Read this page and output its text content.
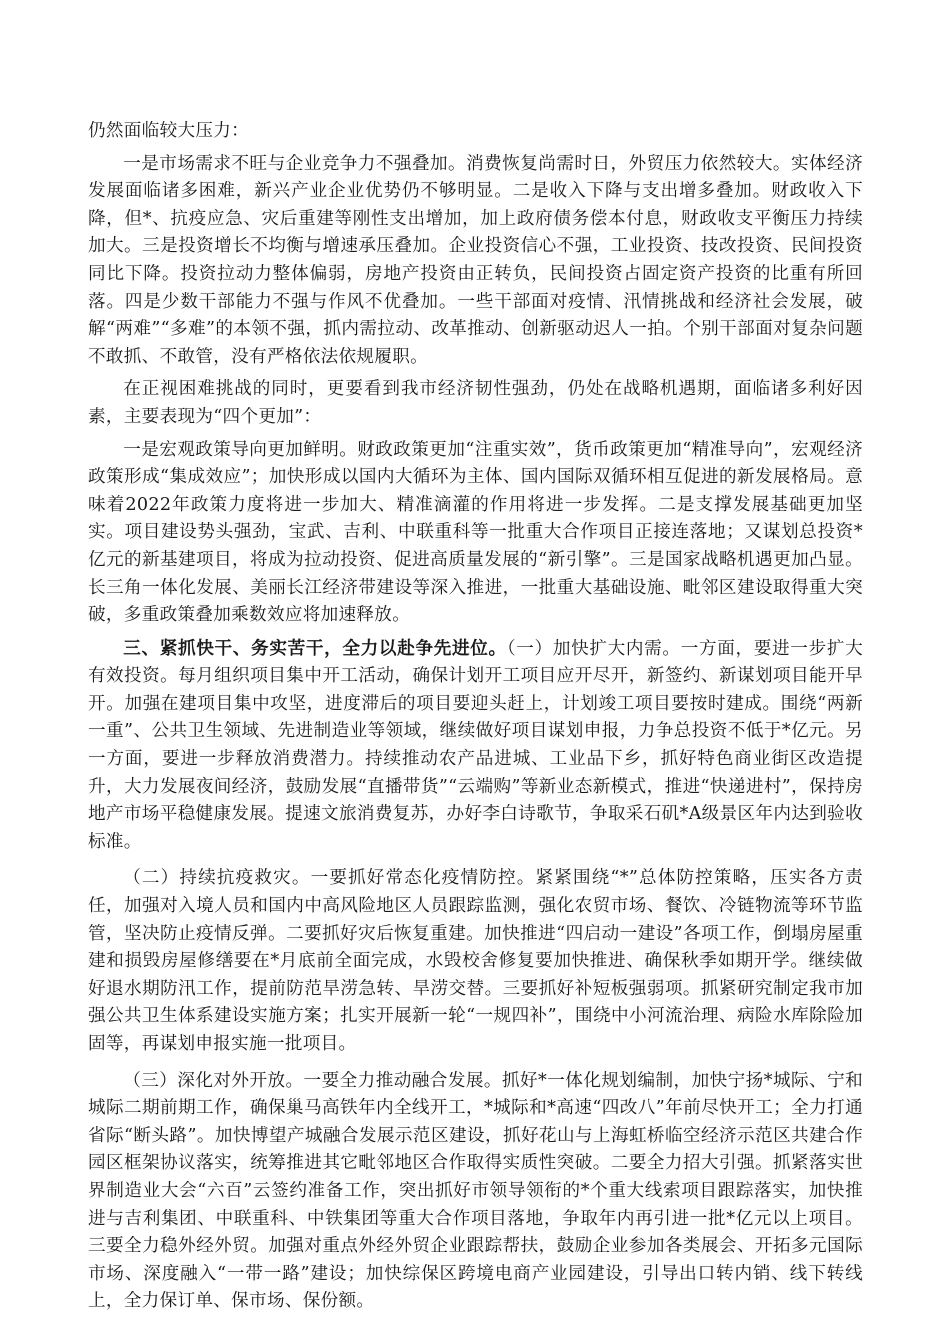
仍然面临较大压力：

一是市场需求不旺与企业竞争力不强叠加。消费恢复尚需时日，外贸压力依然较大。实体经济发展面临诸多困难，新兴产业企业优势仍不够明显。二是收入下降与支出增多叠加。财政收入下降，但*、抗疫应急、灾后重建等刚性支出增加，加上政府债务偿本付息，财政收支平衡压力持续加大。三是投资增长不均衡与增速承压叠加。企业投资信心不强，工业投资、技改投资、民间投资同比下降。投资拉动力整体偏弱，房地产投资由正转负，民间投资占固定资产投资的比重有所回落。四是少数干部能力不强与作风不优叠加。一些干部面对疫情、汛情挑战和经济社会发展，破解“两难”“多难”的本领不强，抓内需拉动、改革推动、创新驱动迟人一拍。个别干部面对复杂问题不敢抓、不敢管，没有严格依法依规履职。

在正视困难挑战的同时，更要看到我市经济韧性强劲，仍处在战略机遇期，面临诸多利好因素，主要表现为“四个更加”：

一是宏观政策导向更加鲜明。财政政策更加“注重实效”，货币政策更加“精准导向”，宏观经济政策形成“集成效应”；加快形成以国内大循环为主体、国内国际双循环相互促进的新发展格局。意味着2022年政策力度将进一步加大、精准滴灌的作用将进一步发挥。二是支撑发展基础更加坚实。项目建设势头强劲，宝武、吉利、中联重科等一批重大合作项目正接连落地；又谋划总投资*亿元的新基建项目，将成为拉动投资、促进高质量发展的“新引擎”。三是国家战略机遇更加凸显。长三角一体化发展、美丽长江经济带建设等深入推进，一批重大基础设施、毗邻区建设取得重大突破，多重政策叠加乘数效应将加速释放。

三、紧抓快干、务实苦干，全力以赴争先进位。（一）加快扩大内需。一方面，要进一步扩大有效投资。每月组织项目集中开工活动，确保计划开工项目应开尽开，新签约、新谋划项目能开早开。加强在建项目集中攻坚，进度滞后的项目要迎头赶上，计划竣工项目要按时建成。围绕“两新一重”、公共卫生领域、先进制造业等领域，继续做好项目谋划申报，力争总投资不低于*亿元。另一方面，要进一步释放消费潜力。持续推动农产品进城、工业品下乡，抓好特色商业街区改造提升，大力发展夜间经济，鼓励发展“直播带货”“云端购”等新业态新模式，推进“快递进村”，保持房地产市场平稳健康发展。提速文旅消费复苏，办好李白诗歌节，争取采石矶*A级景区年内达到验收标准。

（二）持续抗疫救灾。一要抓好常态化疫情防控。紧紧围绕“*”总体防控策略，压实各方责任，加强对入境人员和国内中高风险地区人员跟踪监测，强化农贸市场、餐饮、冷链物流等环节监管，坚决防止疫情反弹。二要抓好灾后恢复重建。加快推进“四启动一建设”各项工作，倒塌房屋重建和损毁房屋修缮要在*月底前全面完成，水毁校舍修复要加快推进、确保秋季如期开学。继续做好退水期防汛工作，提前防范旱涝急转、旱涝交替。三要抓好补短板强弱项。抓紧研究制定我市加强公共卫生体系建设实施方案；扎实开展新一轮“一规四补”，围绕中小河流治理、病险水库除险加固等，再谋划申报实施一批项目。

（三）深化对外开放。一要全力推动融合发展。抓好*一体化规划编制，加快宁扬*城际、宁和城际二期前期工作，确保巢马高铁年内全线开工，*城际和*高速“四改八”年前尽快开工；全力打通省际“断头路”。加快博望产城融合发展示范区建设，抓好花山与上海虹桥临空经济示范区共建合作园区框架协议落实，统筹推进其它毗邻地区合作取得实质性突破。二要全力招大引强。抓紧落实世界制造业大会“六百”云签约准备工作，突出抓好市领导领衔的*个重大线索项目跟踪落实，加快推进与吉利集团、中联重科、中铁集团等重大合作项目落地，争取年内再引进一批*亿元以上项目。三要全力稳外经外贸。加强对重点外经外贸企业跟踪帮扶，鼓励企业参加各类展会、开拓多元国际市场、深度融入“一带一路”建设；加快综保区跨境电商产业园建设，引导出口转内销、线下转线上，全力保订单、保市场、保份额。
